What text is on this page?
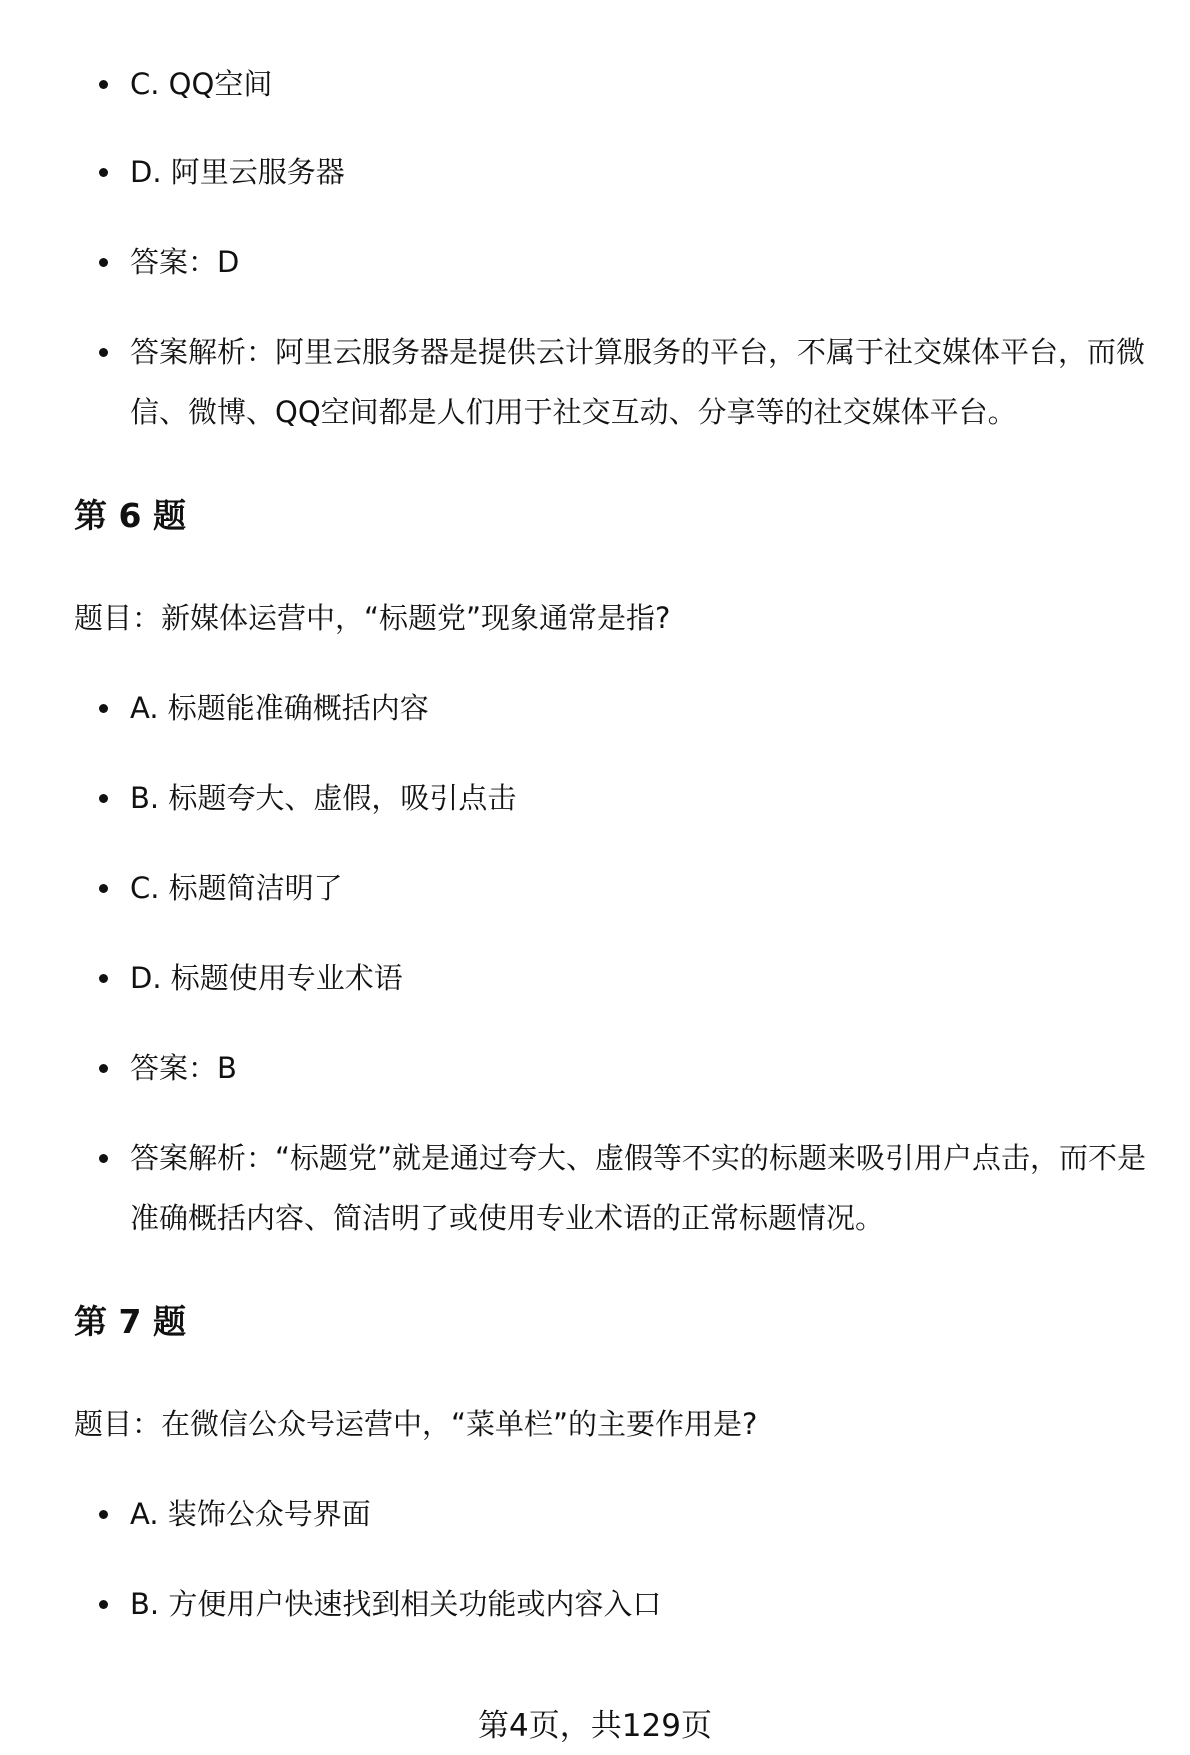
C. QQ空间
D. 阿里云服务器
答案：D
答案解析：阿里云服务器是提供云计算服务的平台，不属于社交媒体平台，而微信、微博、QQ空间都是人们用于社交互动、分享等的社交媒体平台。
第 6 题
题目：新媒体运营中，“标题党”现象通常是指?
A. 标题能准确概括内容
B. 标题夸大、虚假，吸引点击
C. 标题简洁明了
D. 标题使用专业术语
答案：B
答案解析：“标题党”就是通过夸大、虚假等不实的标题来吸引用户点击，而不是准确概括内容、简洁明了或使用专业术语的正常标题情况。
第 7 题
题目：在微信公众号运营中，“菜单栏”的主要作用是?
A. 装饰公众号界面
B. 方便用户快速找到相关功能或内容入口
第4页，共129页
